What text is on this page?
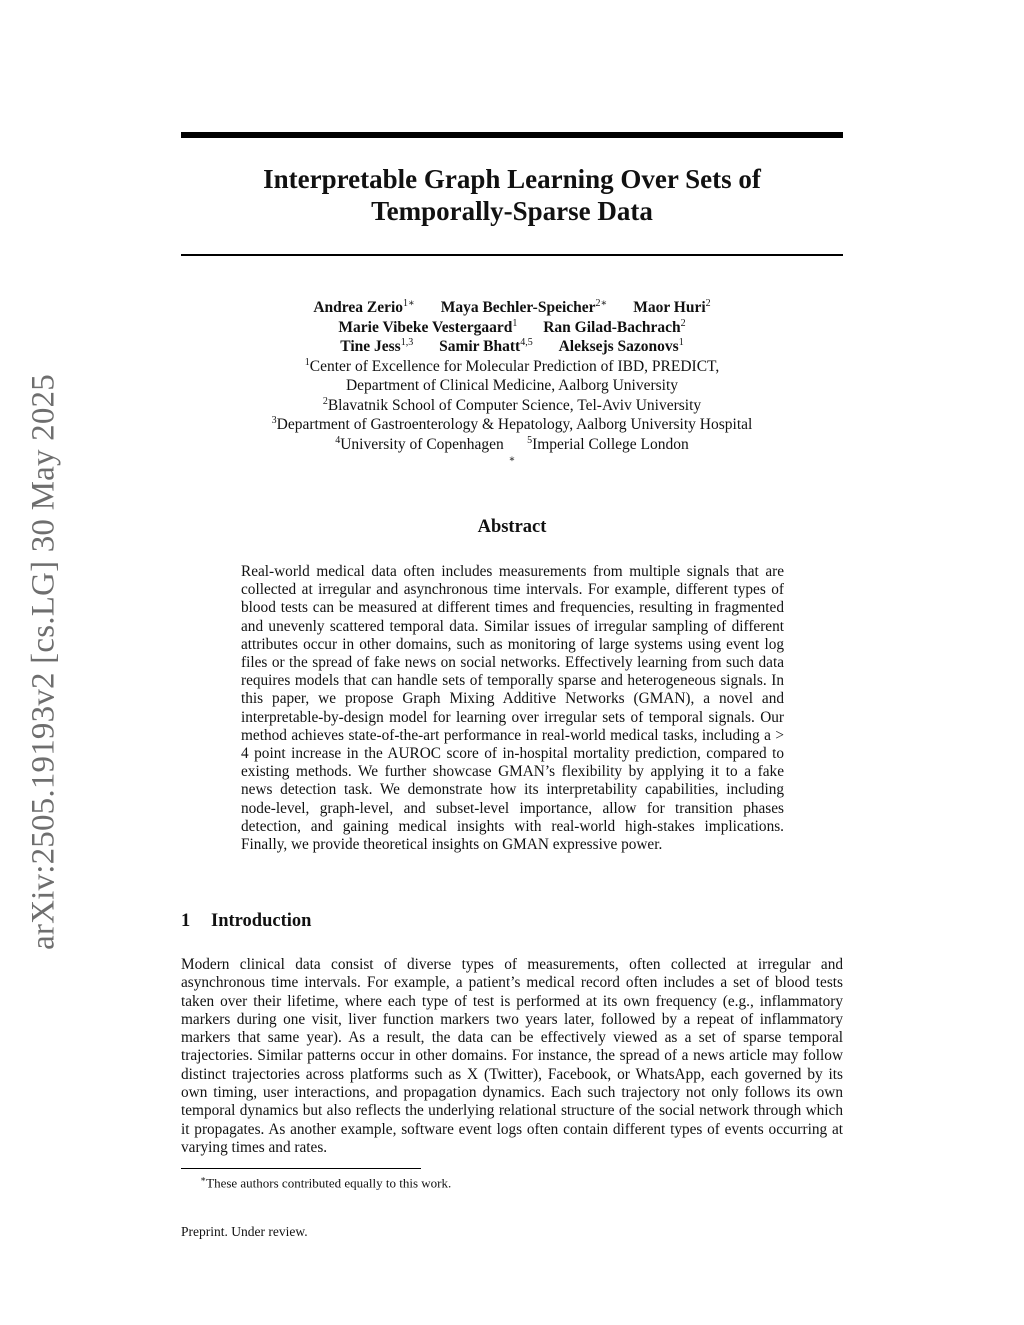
arXiv:2505.19193v2 [cs.LG] 30 May 2025
Interpretable Graph Learning Over Sets of
Temporally-Sparse Data
Andrea Zerio$^{1∗}$ Maya Bechler-Speicher$^{2∗}$ Maor Huri$^2$
Marie Vibeke Vestergaard$^1$ Ran Gilad-Bachrach$^2$
Tine Jess$^{1,3}$ Samir Bhatt$^{4,5}$ Aleksejs Sazonovs$^1$
$^1$Center of Excellence for Molecular Prediction of IBD, PREDICT,
Department of Clinical Medicine, Aalborg University
$^2$Blavatnik School of Computer Science, Tel-Aviv University
$^3$Department of Gastroenterology & Hepatology, Aalborg University Hospital
$^4$University of Copenhagen $^5$Imperial College London
∗
Abstract

Real-world medical data often includes measurements from multiple signals that are collected at irregular and asynchronous time intervals. For example, different types of blood tests can be measured at different times and frequencies, resulting in fragmented and unevenly scattered temporal data. Similar issues of irregular sampling of different attributes occur in other domains, such as monitoring of large systems using event log files or the spread of fake news on social networks. Effectively learning from such data requires models that can handle sets of temporally sparse and heterogeneous signals. In this paper, we propose Graph Mixing Additive Networks (GMAN), a novel and interpretable-by-design model for learning over irregular sets of temporal signals. Our method achieves state-of-the-art performance in real-world medical tasks, including a > 4 point increase in the AUROC score of in-hospital mortality prediction, compared to existing methods. We further showcase GMAN’s flexibility by applying it to a fake news detection task. We demonstrate how its interpretability capabilities, including node-level, graph-level, and subset-level importance, allow for transition phases detection, and gaining medical insights with real-world high-stakes implications. Finally, we provide theoretical insights on GMAN expressive power.

1 Introduction

Modern clinical data consist of diverse types of measurements, often collected at irregular and asynchronous time intervals. For example, a patient’s medical record often includes a set of blood tests taken over their lifetime, where each type of test is performed at its own frequency (e.g., inflammatory markers during one visit, liver function markers two years later, followed by a repeat of inflammatory markers that same year). As a result, the data can be effectively viewed as a set of sparse temporal trajectories. Similar patterns occur in other domains. For instance, the spread of a news article may follow distinct trajectories across platforms such as X (Twitter), Facebook, or WhatsApp, each governed by its own timing, user interactions, and propagation dynamics. Each such trajectory not only follows its own temporal dynamics but also reflects the underlying relational structure of the social network through which it propagates. As another example, software event logs often contain different types of events occurring at varying times and rates.

∗These authors contributed equally to this work.
Preprint. Under review.
